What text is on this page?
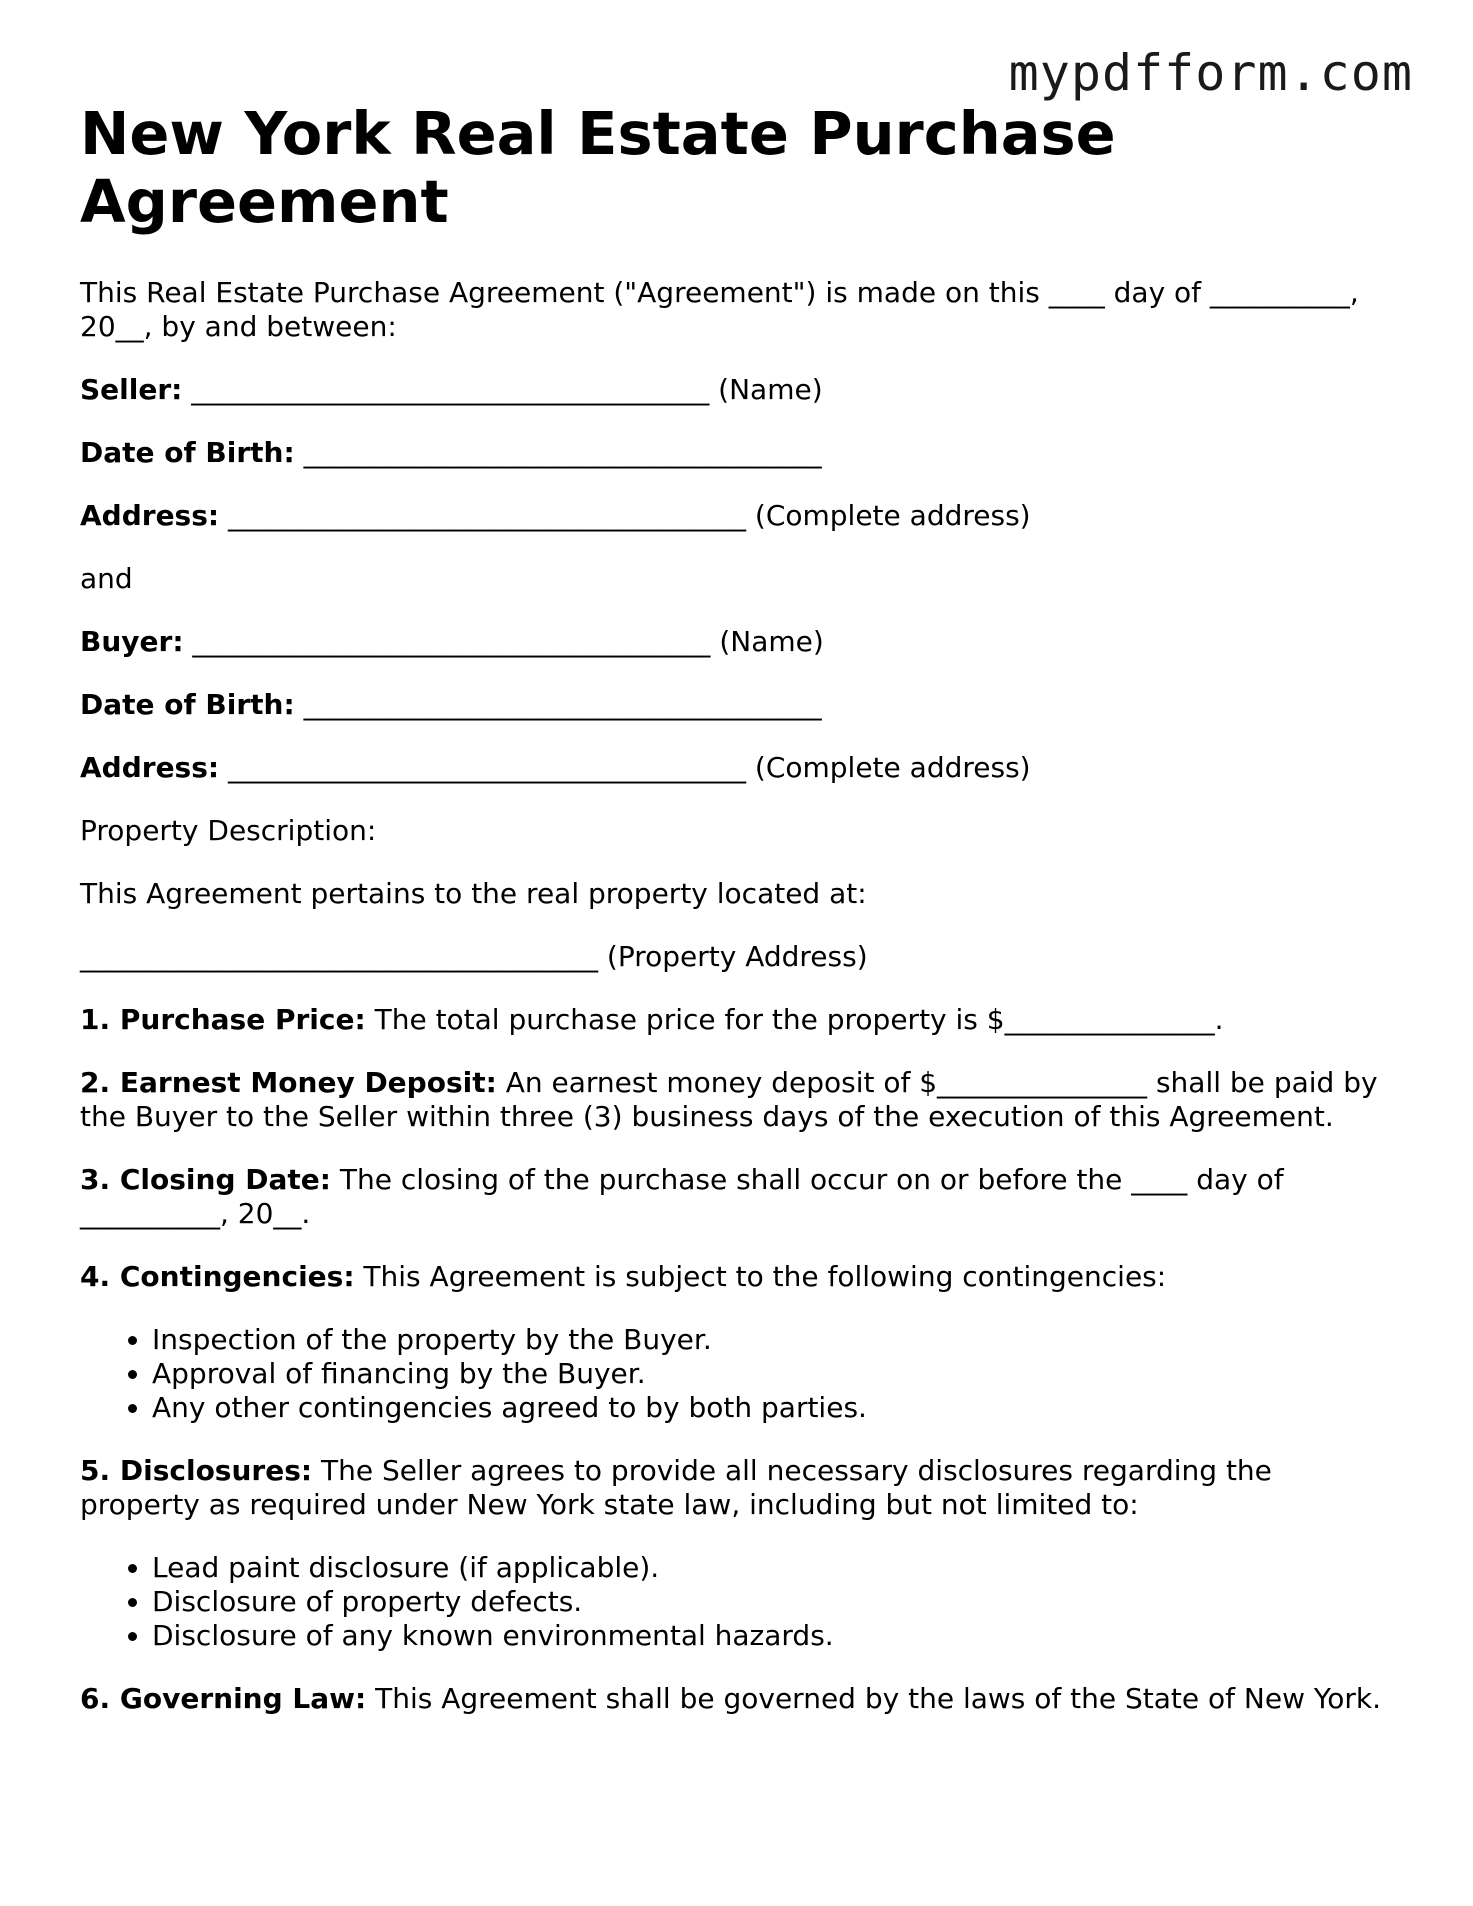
mypdfform.com
New York Real Estate Purchase Agreement

This Real Estate Purchase Agreement ("Agreement") is made on this ____ day of __________, 20__, by and between:

Seller: _____________________________________ (Name)

Date of Birth: _____________________________________

Address: _____________________________________ (Complete address)

and

Buyer: _____________________________________ (Name)

Date of Birth: _____________________________________

Address: _____________________________________ (Complete address)

Property Description:

This Agreement pertains to the real property located at:

_____________________________________ (Property Address)

1. Purchase Price: The total purchase price for the property is $_______________.

2. Earnest Money Deposit: An earnest money deposit of $_______________ shall be paid by the Buyer to the Seller within three (3) business days of the execution of this Agreement.

3. Closing Date: The closing of the purchase shall occur on or before the ____ day of __________, 20__.

4. Contingencies: This Agreement is subject to the following contingencies:

• Inspection of the property by the Buyer.
• Approval of financing by the Buyer.
• Any other contingencies agreed to by both parties.

5. Disclosures: The Seller agrees to provide all necessary disclosures regarding the property as required under New York state law, including but not limited to:

• Lead paint disclosure (if applicable).
• Disclosure of property defects.
• Disclosure of any known environmental hazards.

6. Governing Law: This Agreement shall be governed by the laws of the State of New York.
